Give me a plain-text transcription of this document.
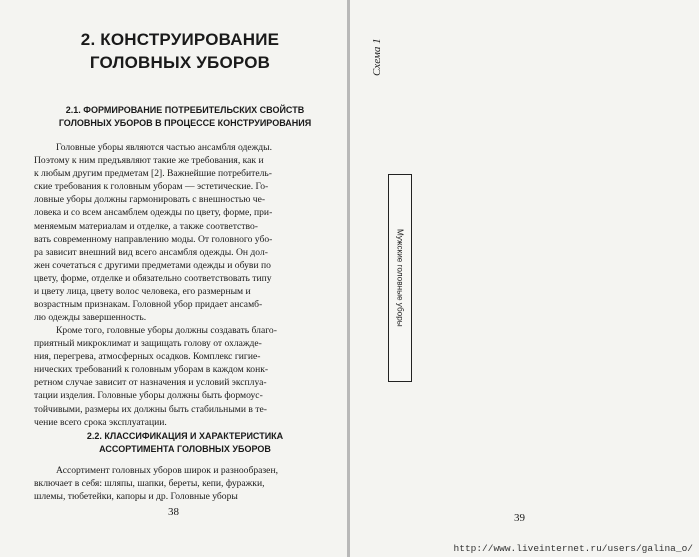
2. КОНСТРУИРОВАНИЕ
ГОЛОВНЫХ УБОРОВ
2.1. ФОРМИРОВАНИЕ ПОТРЕБИТЕЛЬСКИХ СВОЙСТВ
ГОЛОВНЫХ УБОРОВ В ПРОЦЕССЕ КОНСТРУИРОВАНИЯ
Головные уборы являются частью ансамбля одежды.
Поэтому к ним предъявляют такие же требования, как и
к любым другим предметам [2]. Важнейшие потребитель-
ские требования к головным уборам — эстетические. Го-
ловные уборы должны гармонировать с внешностью че-
ловека и со всем ансамблем одежды по цвету, форме, при-
меняемым материалам и отделке, а также соответство-
вать современному направлению моды. От головного убо-
ра зависит внешний вид всего ансамбля одежды. Он дол-
жен сочетаться с другими предметами одежды и обуви по
цвету, форме, отделке и обязательно соответствовать типу
и цвету лица, цвету волос человека, его размерным и
возрастным признакам. Головной убор придает ансамб-
лю одежды завершенность.
Кроме того, головные уборы должны создавать благо-
приятный микроклимат и защищать голову от охлажде-
ния, перегрева, атмосферных осадков. Комплекс гигие-
нических требований к головным уборам в каждом конк-
ретном случае зависит от назначения и условий эксплуа-
тации изделия. Головные уборы должны быть формоус-
тойчивыми, размеры их должны быть стабильными в те-
чение всего срока эксплуатации.
2.2. КЛАССИФИКАЦИЯ И ХАРАКТЕРИСТИКА
АССОРТИМЕНТА ГОЛОВНЫХ УБОРОВ
Ассортимент головных уборов широк и разнообразен,
включает в себя: шляпы, шапки, береты, кепи, фуражки,
шлемы, тюбетейки, капоры и др. Головные уборы
38
Схема 1
Мужские головные уборы
39
http://www.liveinternet.ru/users/galina_o/
